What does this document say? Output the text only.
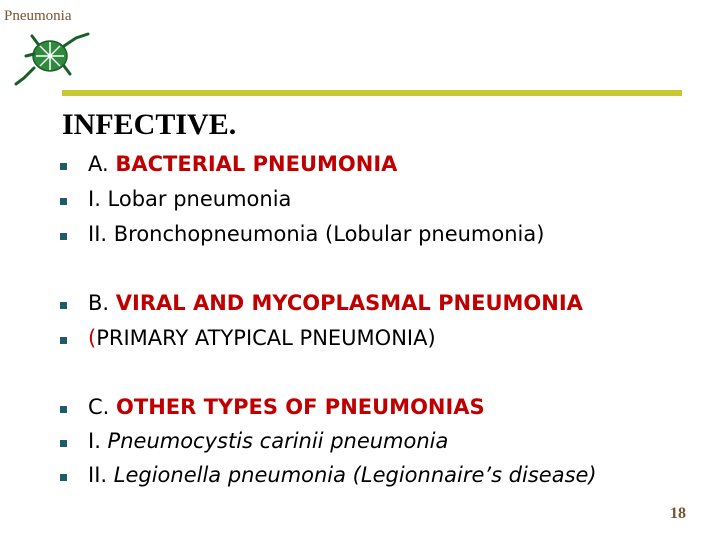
Pneumonia
INFECTIVE.
A. BACTERIAL PNEUMONIA
I. Lobar pneumonia
II. Bronchopneumonia (Lobular pneumonia)
B. VIRAL AND MYCOPLASMAL PNEUMONIA
(PRIMARY ATYPICAL PNEUMONIA)
C. OTHER TYPES OF PNEUMONIAS
I. Pneumocystis carinii pneumonia
II. Legionella pneumonia (Legionnaire’s disease)
18
